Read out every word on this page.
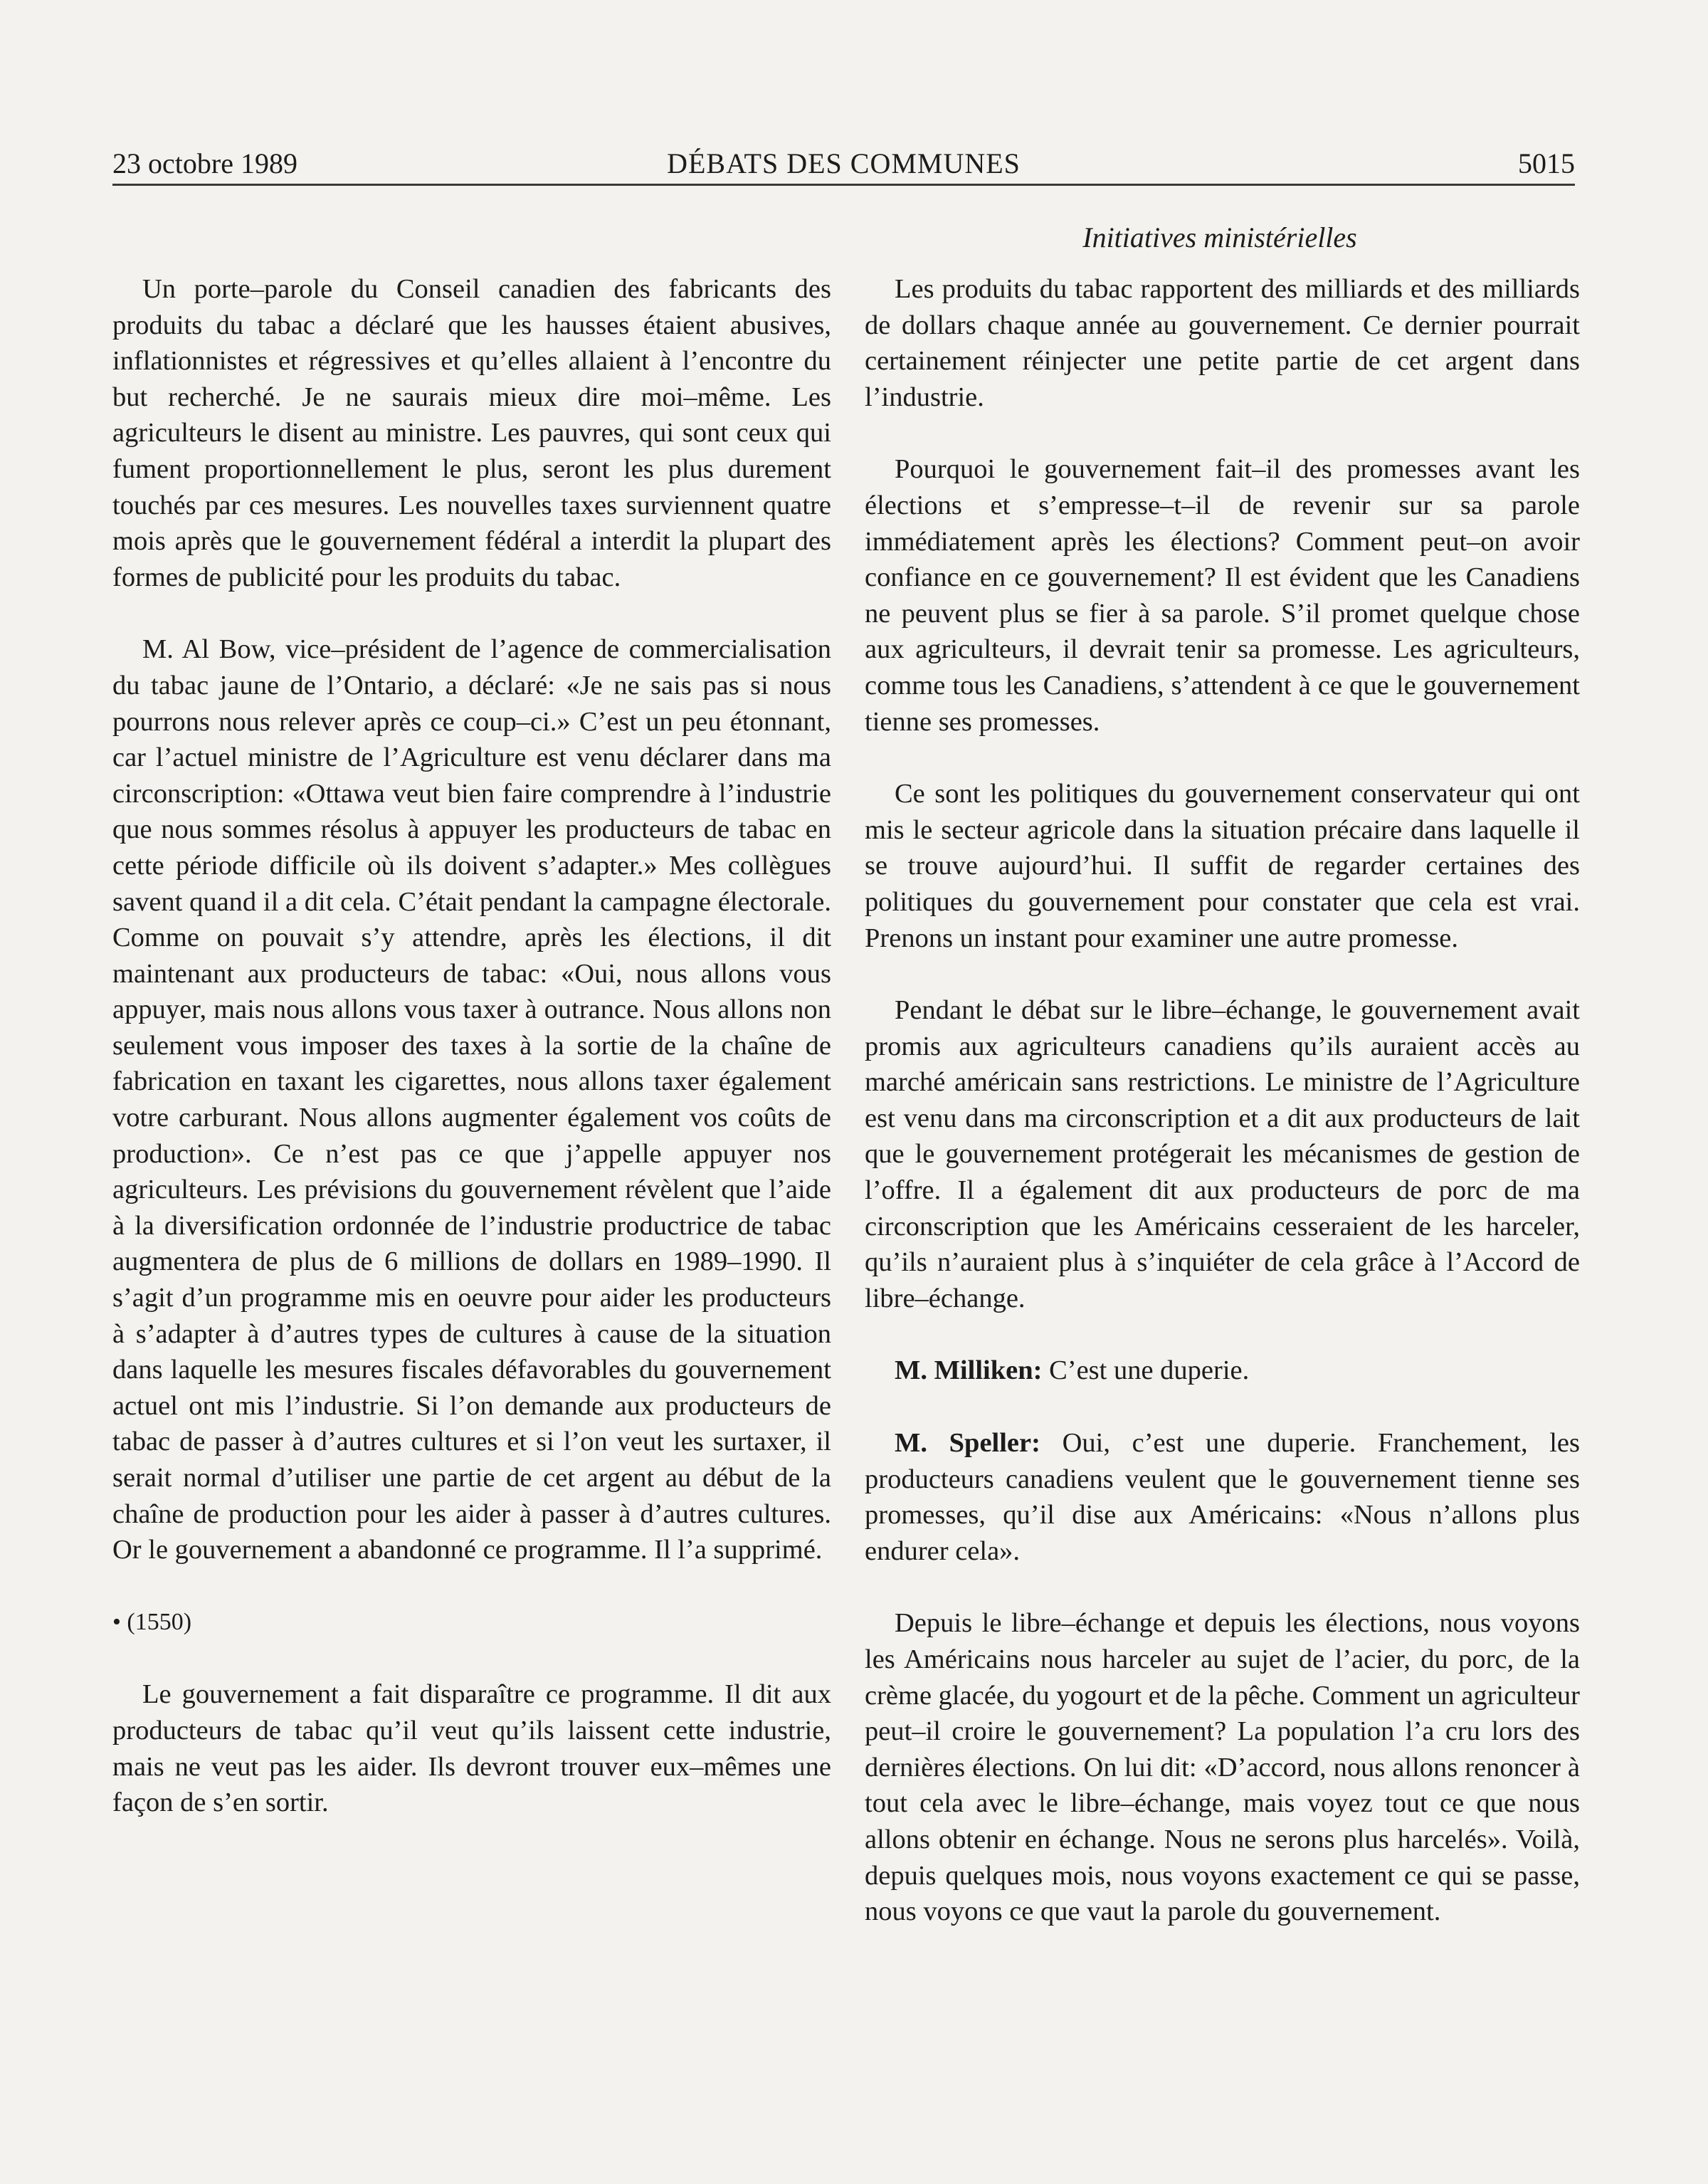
23 octobre 1989	DÉBATS DES COMMUNES	5015
Initiatives ministérielles

Un porte–parole du Conseil canadien des fabricants des produits du tabac a déclaré que les hausses étaient abusives, inflationnistes et régressives et qu’elles allaient à l’encontre du but recherché. Je ne saurais mieux dire moi–même. Les agriculteurs le disent au ministre. Les pauvres, qui sont ceux qui fument proportionnellement le plus, seront les plus durement touchés par ces mesures. Les nouvelles taxes surviennent quatre mois après que le gouvernement fédéral a interdit la plupart des formes de publicité pour les produits du tabac.

M. Al Bow, vice–président de l’agence de commercialisation du tabac jaune de l’Ontario, a déclaré: «Je ne sais pas si nous pourrons nous relever après ce coup–ci.» C’est un peu étonnant, car l’actuel ministre de l’Agriculture est venu déclarer dans ma circonscription: «Ottawa veut bien faire comprendre à l’industrie que nous sommes résolus à appuyer les producteurs de tabac en cette période difficile où ils doivent s’adapter.» Mes collègues savent quand il a dit cela. C’était pendant la campagne électorale. Comme on pouvait s’y attendre, après les élections, il dit maintenant aux producteurs de tabac: «Oui, nous allons vous appuyer, mais nous allons vous taxer à outrance. Nous allons non seulement vous imposer des taxes à la sortie de la chaîne de fabrication en taxant les cigarettes, nous allons taxer également votre carburant. Nous allons augmenter également vos coûts de production». Ce n’est pas ce que j’appelle appuyer nos agriculteurs. Les prévisions du gouvernement révèlent que l’aide à la diversification ordonnée de l’industrie productrice de tabac augmentera de plus de 6 millions de dollars en 1989–1990. Il s’agit d’un programme mis en oeuvre pour aider les producteurs à s’adapter à d’autres types de cultures à cause de la situation dans laquelle les mesures fiscales défavorables du gouvernement actuel ont mis l’industrie. Si l’on demande aux producteurs de tabac de passer à d’autres cultures et si l’on veut les surtaxer, il serait normal d’utiliser une partie de cet argent au début de la chaîne de production pour les aider à passer à d’autres cultures. Or le gouvernement a abandonné ce programme. Il l’a supprimé.

• (1550)

Le gouvernement a fait disparaître ce programme. Il dit aux producteurs de tabac qu’il veut qu’ils laissent cette industrie, mais ne veut pas les aider. Ils devront trouver eux–mêmes une façon de s’en sortir.

Les produits du tabac rapportent des milliards et des milliards de dollars chaque année au gouvernement. Ce dernier pourrait certainement réinjecter une petite partie de cet argent dans l’industrie.

Pourquoi le gouvernement fait–il des promesses avant les élections et s’empresse–t–il de revenir sur sa parole immédiatement après les élections? Comment peut–on avoir confiance en ce gouvernement? Il est évident que les Canadiens ne peuvent plus se fier à sa parole. S’il promet quelque chose aux agriculteurs, il devrait tenir sa promesse. Les agriculteurs, comme tous les Canadiens, s’attendent à ce que le gouvernement tienne ses promesses.

Ce sont les politiques du gouvernement conservateur qui ont mis le secteur agricole dans la situation précaire dans laquelle il se trouve aujourd’hui. Il suffit de regarder certaines des politiques du gouvernement pour constater que cela est vrai. Prenons un instant pour examiner une autre promesse.

Pendant le débat sur le libre–échange, le gouvernement avait promis aux agriculteurs canadiens qu’ils auraient accès au marché américain sans restrictions. Le ministre de l’Agriculture est venu dans ma circonscription et a dit aux producteurs de lait que le gouvernement protégerait les mécanismes de gestion de l’offre. Il a également dit aux producteurs de porc de ma circonscription que les Américains cesseraient de les harceler, qu’ils n’auraient plus à s’inquiéter de cela grâce à l’Accord de libre–échange.

M. Milliken: C’est une duperie.

M. Speller: Oui, c’est une duperie. Franchement, les producteurs canadiens veulent que le gouvernement tienne ses promesses, qu’il dise aux Américains: «Nous n’allons plus endurer cela».

Depuis le libre–échange et depuis les élections, nous voyons les Américains nous harceler au sujet de l’acier, du porc, de la crème glacée, du yogourt et de la pêche. Comment un agriculteur peut–il croire le gouvernement? La population l’a cru lors des dernières élections. On lui dit: «D’accord, nous allons renoncer à tout cela avec le libre–échange, mais voyez tout ce que nous allons obtenir en échange. Nous ne serons plus harcelés». Voilà, depuis quelques mois, nous voyons exactement ce qui se passe, nous voyons ce que vaut la parole du gouvernement.
